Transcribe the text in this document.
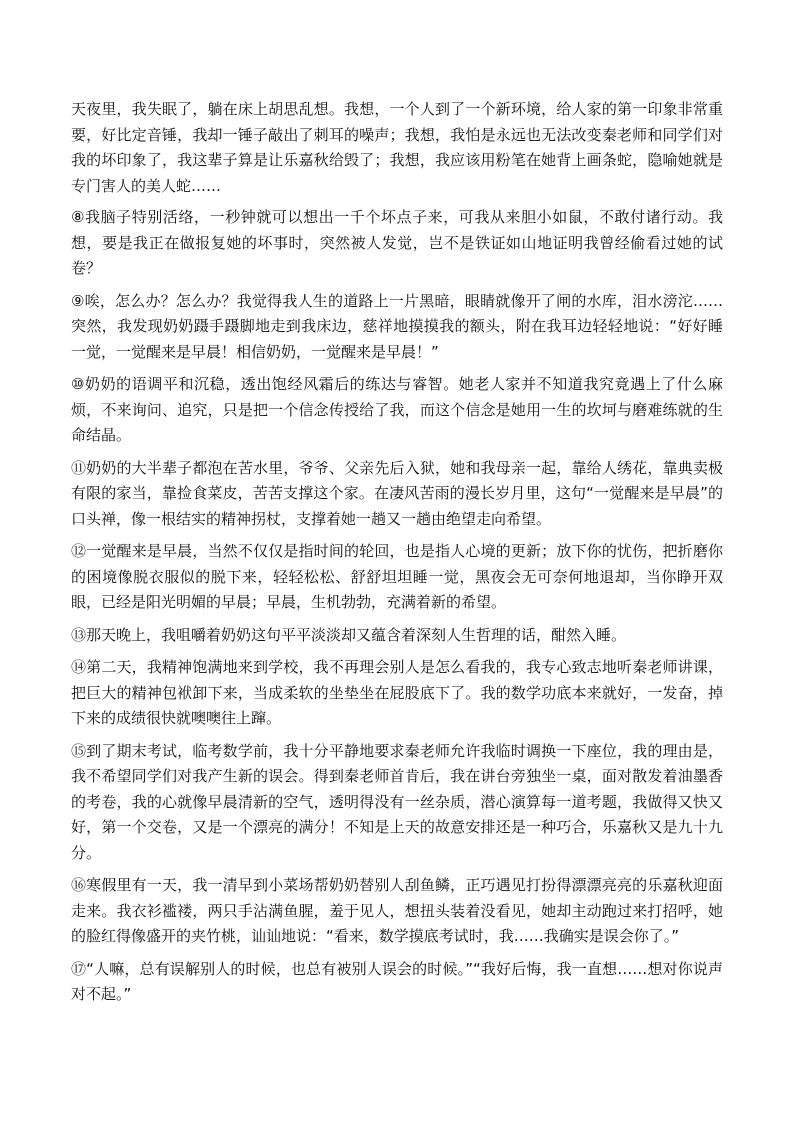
天夜里，我失眠了，躺在床上胡思乱想。我想，一个人到了一个新环境，给人家的第一印象非常重要，好比定音锤，我却一锤子敲出了刺耳的噪声；我想，我怕是永远也无法改变秦老师和同学们对我的坏印象了，我这辈子算是让乐嘉秋给毁了；我想，我应该用粉笔在她背上画条蛇，隐喻她就是专门害人的美人蛇……

⑧我脑子特别活络，一秒钟就可以想出一千个坏点子来，可我从来胆小如鼠，不敢付诸行动。我想，要是我正在做报复她的坏事时，突然被人发觉，岂不是铁证如山地证明我曾经偷看过她的试卷？

⑨唉，怎么办？怎么办？我觉得我人生的道路上一片黑暗，眼睛就像开了闸的水库，泪水滂沱……突然，我发现奶奶蹑手蹑脚地走到我床边，慈祥地摸摸我的额头，附在我耳边轻轻地说：“好好睡一觉，一觉醒来是早晨！相信奶奶，一觉醒来是早晨！”

⑩奶奶的语调平和沉稳，透出饱经风霜后的练达与睿智。她老人家并不知道我究竟遇上了什么麻烦，不来询问、追究，只是把一个信念传授给了我，而这个信念是她用一生的坎坷与磨难练就的生命结晶。

⑪奶奶的大半辈子都泡在苦水里，爷爷、父亲先后入狱，她和我母亲一起，靠给人绣花，靠典卖极有限的家当，靠捡食菜皮，苦苦支撑这个家。在凄风苦雨的漫长岁月里，这句“一觉醒来是早晨”的口头禅，像一根结实的精神拐杖，支撑着她一趟又一趟由绝望走向希望。

⑫一觉醒来是早晨，当然不仅仅是指时间的轮回，也是指人心境的更新；放下你的忧伤，把折磨你的困境像脱衣服似的脱下来，轻轻松松、舒舒坦坦睡一觉，黑夜会无可奈何地退却，当你睁开双眼，已经是阳光明媚的早晨；早晨，生机勃勃，充满着新的希望。

⑬那天晚上，我咀嚼着奶奶这句平平淡淡却又蕴含着深刻人生哲理的话，酣然入睡。

⑭第二天，我精神饱满地来到学校，我不再理会别人是怎么看我的，我专心致志地听秦老师讲课，把巨大的精神包袱卸下来，当成柔软的坐垫坐在屁股底下了。我的数学功底本来就好，一发奋，掉下来的成绩很快就噢噢往上蹿。

⑮到了期末考试，临考数学前，我十分平静地要求秦老师允许我临时调换一下座位，我的理由是，我不希望同学们对我产生新的误会。得到秦老师首肯后，我在讲台旁独坐一桌，面对散发着油墨香的考卷，我的心就像早晨清新的空气，透明得没有一丝杂质，潜心演算每一道考题，我做得又快又好，第一个交卷，又是一个漂亮的满分！不知是上天的故意安排还是一种巧合，乐嘉秋又是九十九分。

⑯寒假里有一天，我一清早到小菜场帮奶奶替别人刮鱼鳞，正巧遇见打扮得漂漂亮亮的乐嘉秋迎面走来。我衣衫褴褛，两只手沾满鱼腥，羞于见人，想扭头装着没看见，她却主动跑过来打招呼，她的脸红得像盛开的夹竹桃，讪讪地说：“看来，数学摸底考试时，我……我确实是误会你了。”

⑰“人嘛，总有误解别人的时候，也总有被别人误会的时候。”“我好后悔，我一直想……想对你说声对不起。”
